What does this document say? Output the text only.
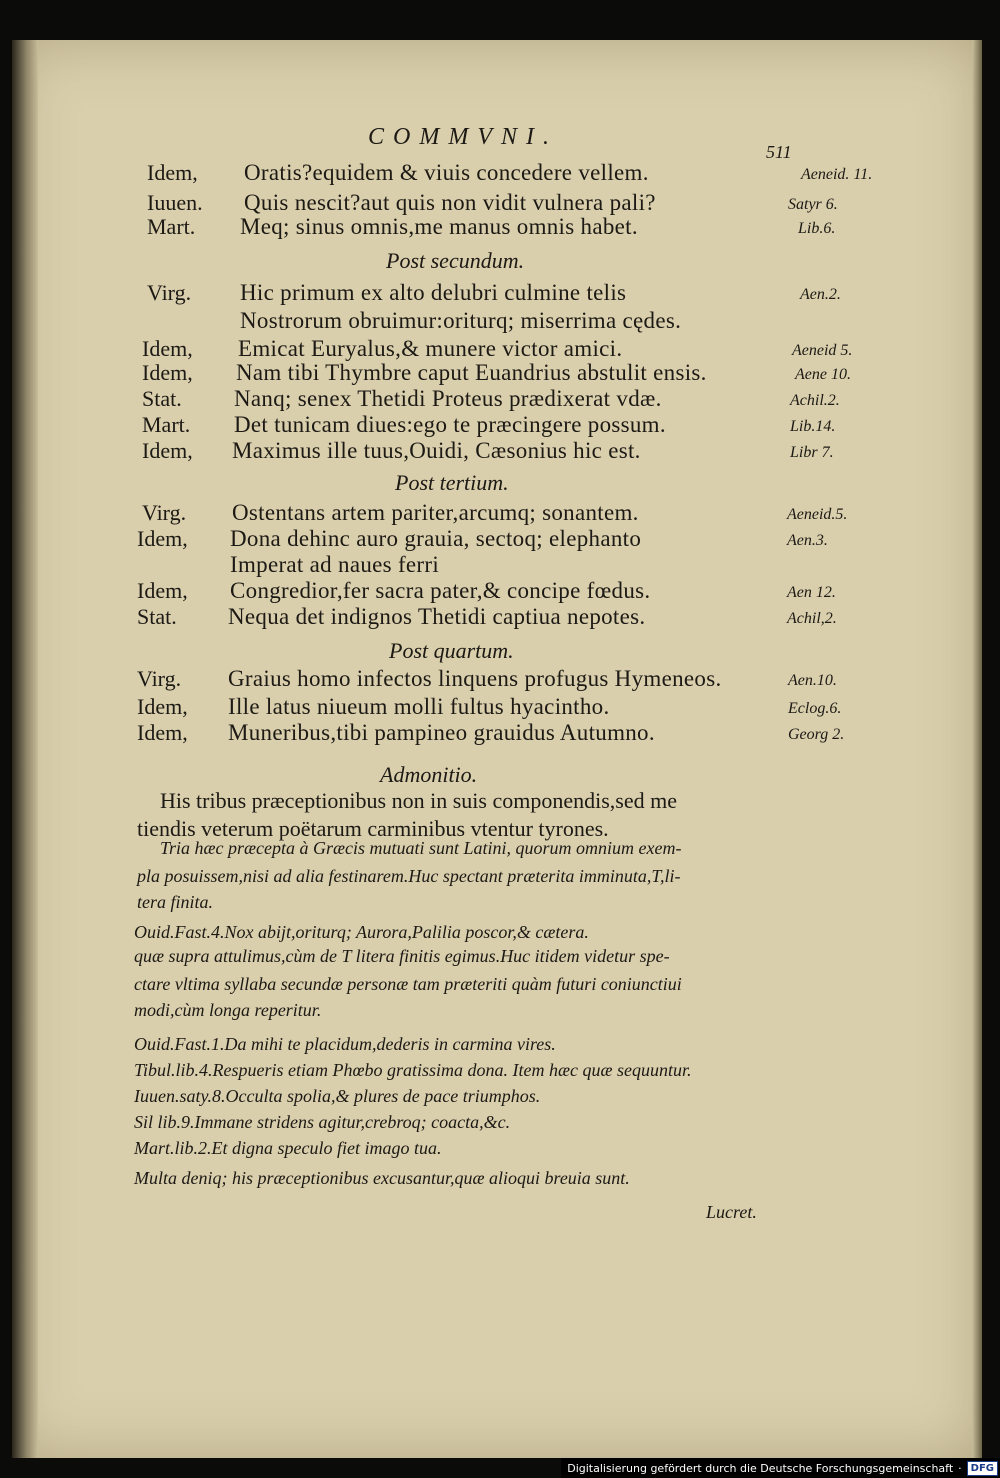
COMMVNI.
511
Idem, Oratis?equidem & viuis concedere vellem.	Aeneid. 11.
Iuuen. Quis nescit?aut quis non vidit vulnera pali?	Satyr 6.
Mart. Meq; sinus omnis,me manus omnis habet.	Lib.6.
Post secundum.
Virg. Hic primum ex alto delubri culmine telis	Aen.2.
Nostrorum obruimur:oriturq; miserrima cędes.
Idem, Emicat Euryalus,& munere victor amici.	Aeneid 5.
Idem, Nam tibi Thymbre caput Euandrius abstulit ensis.	Aene 10.
Stat. Nanq; senex Thetidi Proteus prædixerat vdæ.	Achil.2.
Mart. Det tunicam diues:ego te præcingere possum.	Lib.14.
Idem, Maximus ille tuus,Ouidi, Cæsonius hic est.	Libr 7.
Post tertium.
Virg. Ostentans artem pariter,arcumq; sonantem.	Aeneid.5.
Idem, Dona dehinc auro grauia, sectoq; elephanto	Aen.3.
Imperat ad naues ferri
Idem, Congredior,fer sacra pater,& concipe fœdus.	Aen 12.
Stat. Nequa det indignos Thetidi captiua nepotes.	Achil,2.
Post quartum.
Virg. Graius homo infectos linquens profugus Hymeneos.	Aen.10.
Idem, Ille latus niueum molli fultus hyacintho.	Eclog.6.
Idem, Muneribus,tibi pampineo grauidus Autumno.	Georg 2.
Admonitio.
His tribus præceptionibus non in suis componendis,sed me
tiendis veterum poëtarum carminibus vtentur tyrones.
Tria hæc præcepta à Græcis mutuati sunt Latini, quorum omnium exem-
pla posuissem,nisi ad alia festinarem.Huc spectant præterita imminuta,T,li-
tera finita.
Ouid.Fast.4.Nox abijt,oriturq; Aurora,Palilia poscor,& cætera.
quæ supra attulimus,cùm de T litera finitis egimus.Huc itidem videtur spe-
ctare vltima syllaba secundæ personæ tam præteriti quàm futuri coniunctiui
modi,cùm longa reperitur.
Ouid.Fast.1.Da mihi te placidum,dederis in carmina vires.
Tibul.lib.4.Respueris etiam Phœbo gratissima dona. Item hæc quæ sequuntur.
Iuuen.saty.8.Occulta spolia,& plures de pace triumphos.
Sil lib.9.Immane stridens agitur,crebroq; coacta,&c.
Mart.lib.2.Et digna speculo fiet imago tua.
Multa deniq; his præceptionibus excusantur,quæ alioqui breuia sunt.
Lucret.
Digitalisierung gefördert durch die Deutsche Forschungsgemeinschaft · DFG
